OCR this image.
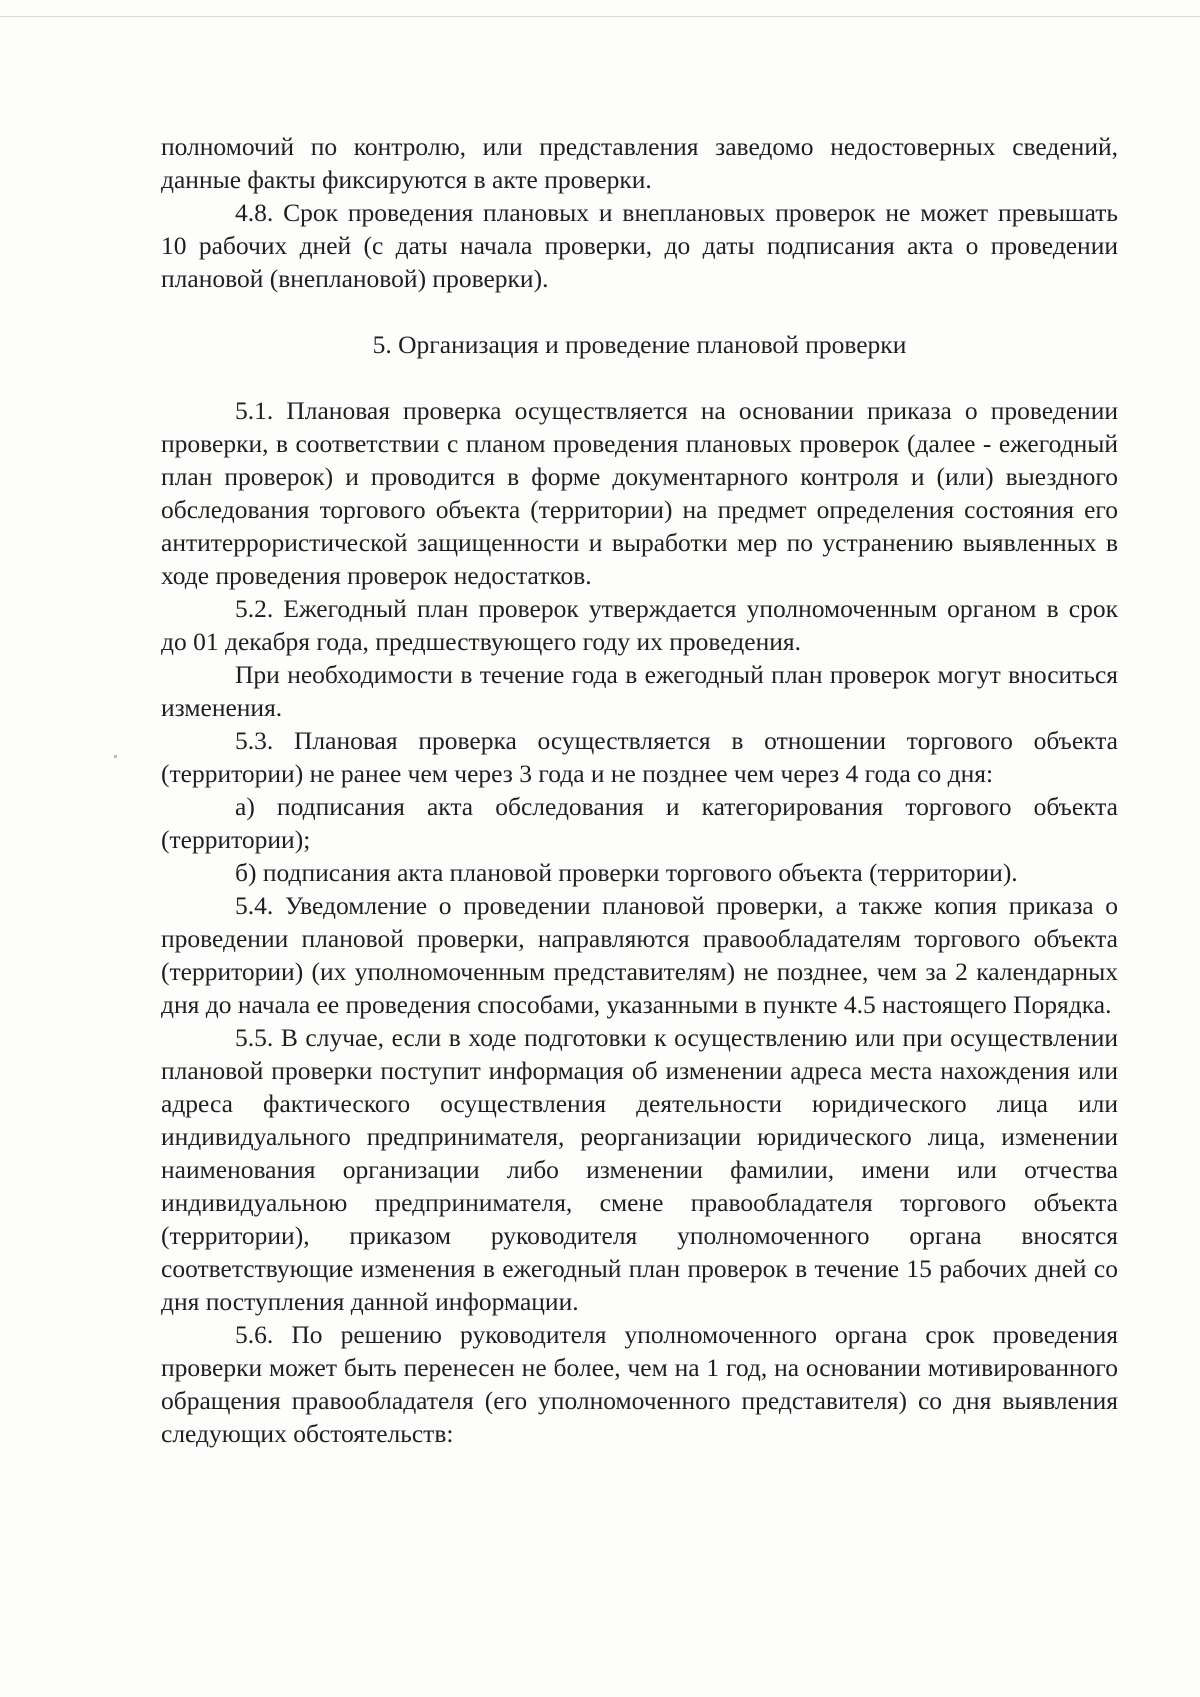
полномочий по контролю, или представления заведомо недостоверных сведений, данные факты фиксируются в акте проверки.

4.8. Срок проведения плановых и внеплановых проверок не может превышать 10 рабочих дней (с даты начала проверки, до даты подписания акта о проведении плановой (внеплановой) проверки).

5. Организация и проведение плановой проверки

5.1. Плановая проверка осуществляется на основании приказа о проведении проверки, в соответствии с планом проведения плановых проверок (далее - ежегодный план проверок) и проводится в форме документарного контроля и (или) выездного обследования торгового объекта (территории) на предмет определения состояния его антитеррористической защищенности и выработки мер по устранению выявленных в ходе проведения проверок недостатков.

5.2. Ежегодный план проверок утверждается уполномоченным органом в срок до 01 декабря года, предшествующего году их проведения.

При необходимости в течение года в ежегодный план проверок могут вноситься изменения.

5.3. Плановая проверка осуществляется в отношении торгового объекта (территории) не ранее чем через 3 года и не позднее чем через 4 года со дня:

а) подписания акта обследования и категорирования торгового объекта (территории);

б) подписания акта плановой проверки торгового объекта (территории).

5.4. Уведомление о проведении плановой проверки, а также копия приказа о проведении плановой проверки, направляются правообладателям торгового объекта (территории) (их уполномоченным представителям) не позднее, чем за 2 календарных дня до начала ее проведения способами, указанными в пункте 4.5 настоящего Порядка.

5.5. В случае, если в ходе подготовки к осуществлению или при осуществлении плановой проверки поступит информация об изменении адреса места нахождения или адреса фактического осуществления деятельности юридического лица или индивидуального предпринимателя, реорганизации юридического лица, изменении наименования организации либо изменении фамилии, имени или отчества индивидуальною предпринимателя, смене правообладателя торгового объекта (территории), приказом руководителя уполномоченного органа вносятся соответствующие изменения в ежегодный план проверок в течение 15 рабочих дней со дня поступления данной информации.

5.6. По решению руководителя уполномоченного органа срок проведения проверки может быть перенесен не более, чем на 1 год, на основании мотивированного обращения правообладателя (его уполномоченного представителя) со дня выявления следующих обстоятельств:
